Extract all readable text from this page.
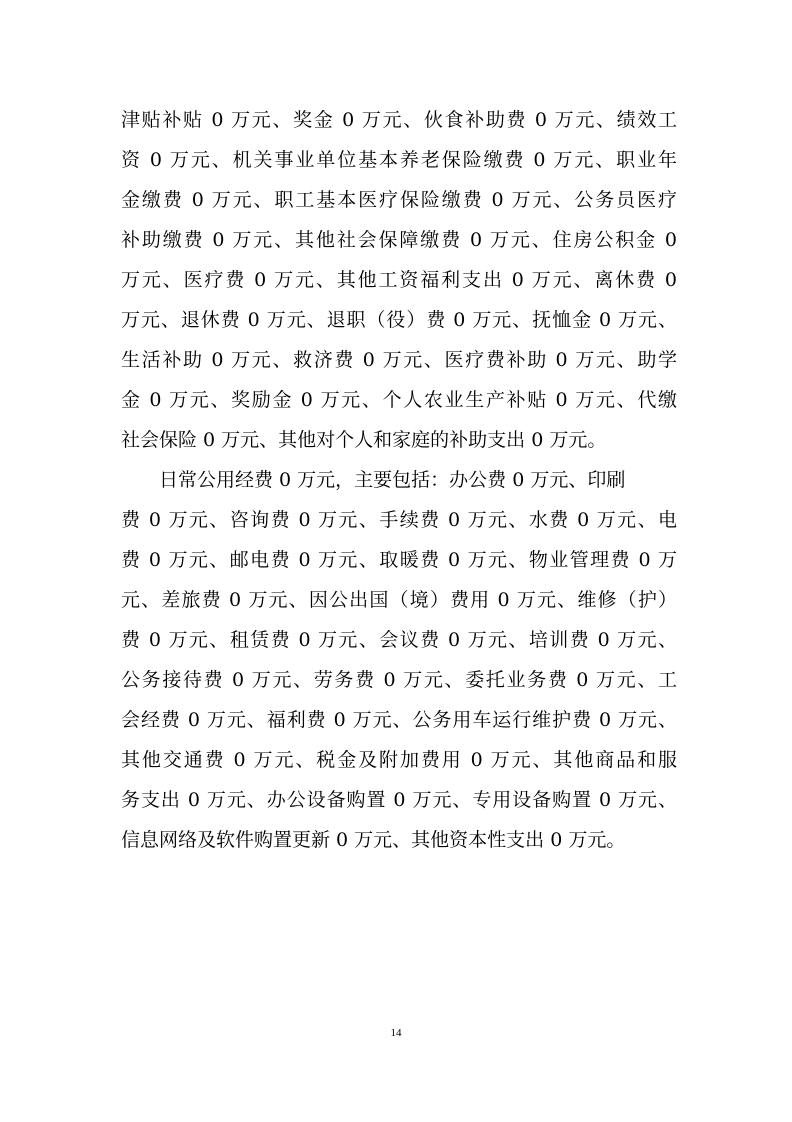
津贴补贴 0 万元、奖金 0 万元、伙食补助费 0 万元、绩效工
资 0 万元、机关事业单位基本养老保险缴费 0 万元、职业年
金缴费 0 万元、职工基本医疗保险缴费 0 万元、公务员医疗
补助缴费 0 万元、其他社会保障缴费 0 万元、住房公积金 0
万元、医疗费 0 万元、其他工资福利支出 0 万元、离休费 0
万元、退休费 0 万元、退职（役）费 0 万元、抚恤金 0 万元、
生活补助 0 万元、救济费 0 万元、医疗费补助 0 万元、助学
金 0 万元、奖励金 0 万元、个人农业生产补贴 0 万元、代缴
社会保险 0 万元、其他对个人和家庭的补助支出 0 万元。
日常公用经费 0 万元，主要包括：办公费 0 万元、印刷
费 0 万元、咨询费 0 万元、手续费 0 万元、水费 0 万元、电
费 0 万元、邮电费 0 万元、取暖费 0 万元、物业管理费 0 万
元、差旅费 0 万元、因公出国（境）费用 0 万元、维修（护）
费 0 万元、租赁费 0 万元、会议费 0 万元、培训费 0 万元、
公务接待费 0 万元、劳务费 0 万元、委托业务费 0 万元、工
会经费 0 万元、福利费 0 万元、公务用车运行维护费 0 万元、
其他交通费 0 万元、税金及附加费用 0 万元、其他商品和服
务支出 0 万元、办公设备购置 0 万元、专用设备购置 0 万元、
信息网络及软件购置更新 0 万元、其他资本性支出 0 万元。
14
